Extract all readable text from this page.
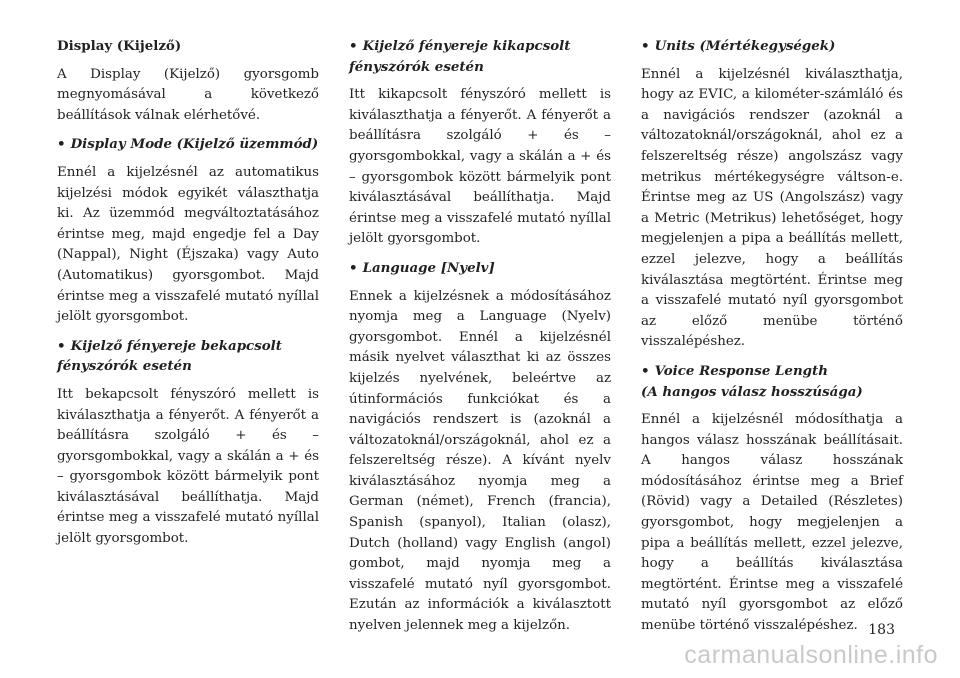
Display (Kijelző)

A Display (Kijelző) gyorsgomb megnyomásával a következő beállítások válnak elérhetővé.

• Display Mode (Kijelző üzemmód)

Ennél a kijelzésnél az automatikus kijelzési módok egyikét választhatja ki. Az üzemmód megváltoztatásához érintse meg, majd engedje fel a Day (Nappal), Night (Éjszaka) vagy Auto (Automatikus) gyorsgombot. Majd érintse meg a visszafelé mutató nyíllal jelölt gyorsgombot.

• Kijelző fényereje bekapcsolt
fényszórók esetén

Itt bekapcsolt fényszóró mellett is kiválaszthatja a fényerőt. A fényerőt a beállításra szolgáló + és – gyorsgombokkal, vagy a skálán a + és – gyorsgombok között bármelyik pont kiválasztásával beállíthatja. Majd érintse meg a visszafelé mutató nyíllal jelölt gyorsgombot.

• Kijelző fényereje kikapcsolt
fényszórók esetén

Itt kikapcsolt fényszóró mellett is kiválaszthatja a fényerőt. A fényerőt a beállításra szolgáló + és – gyorsgombokkal, vagy a skálán a + és – gyorsgombok között bármelyik pont kiválasztásával beállíthatja. Majd érintse meg a visszafelé mutató nyíllal jelölt gyorsgombot.

• Language [Nyelv]

Ennek a kijelzésnek a módosításához nyomja meg a Language (Nyelv) gyorsgombot. Ennél a kijelzésnél másik nyelvet választhat ki az összes kijelzés nyelvének, beleértve az útinformációs funkciókat és a navigációs rendszert is (azoknál a változatoknál/országoknál, ahol ez a felszereltség része). A kívánt nyelv kiválasztásához nyomja meg a German (német), French (francia), Spanish (spanyol), Italian (olasz), Dutch (holland) vagy English (angol) gombot, majd nyomja meg a visszafelé mutató nyíl gyorsgombot. Ezután az információk a kiválasztott nyelven jelennek meg a kijelzőn.

• Units (Mértékegységek)

Ennél a kijelzésnél kiválaszthatja, hogy az EVIC, a kilométer-számláló és a navigációs rendszer (azoknál a változatoknál/országoknál, ahol ez a felszereltség része) angolszász vagy metrikus mértékegységre váltson-e. Érintse meg az US (Angolszász) vagy a Metric (Metrikus) lehetőséget, hogy megjelenjen a pipa a beállítás mellett, ezzel jelezve, hogy a beállítás kiválasztása megtörtént. Érintse meg a visszafelé mutató nyíl gyorsgombot az előző menübe történő visszalépéshez.

• Voice Response Length
(A hangos válasz hosszúsága)

Ennél a kijelzésnél módosíthatja a hangos válasz hosszának beállításait. A hangos válasz hosszának módosításához érintse meg a Brief (Rövid) vagy a Detailed (Részletes) gyorsgombot, hogy megjelenjen a pipa a beállítás mellett, ezzel jelezve, hogy a beállítás kiválasztása megtörtént. Érintse meg a visszafelé mutató nyíl gyorsgombot az előző menübe történő visszalépéshez. 183
carmanualsonline.info
